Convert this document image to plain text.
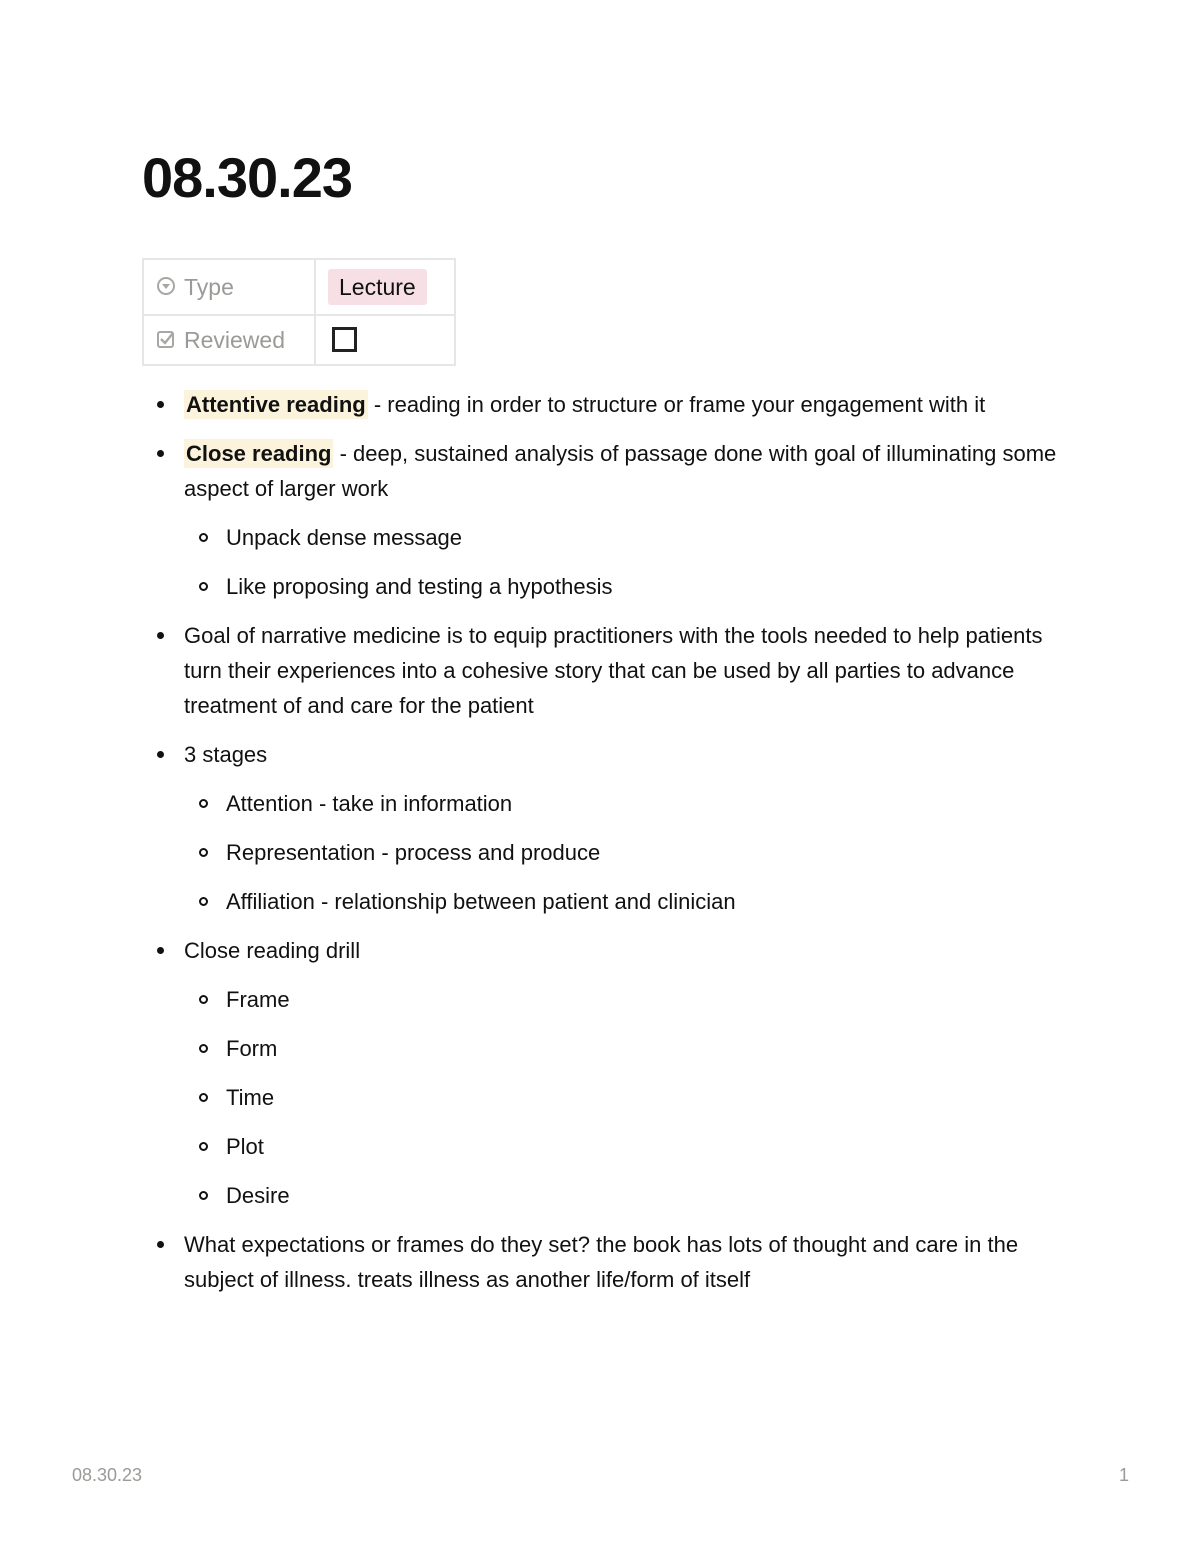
08.30.23
Type	Lecture
Reviewed	
Attentive reading - reading in order to structure or frame your engagement with it
Close reading - deep, sustained analysis of passage done with goal of illuminating some aspect of larger work
Unpack dense message
Like proposing and testing a hypothesis
Goal of narrative medicine is to equip practitioners with the tools needed to help patients turn their experiences into a cohesive story that can be used by all parties to advance treatment of and care for the patient
3 stages
Attention - take in information
Representation - process and produce
Affiliation - relationship between patient and clinician
Close reading drill
Frame
Form
Time
Plot
Desire
What expectations or frames do they set? the book has lots of thought and care in the subject of illness. treats illness as another life/form of itself
08.30.23	1
